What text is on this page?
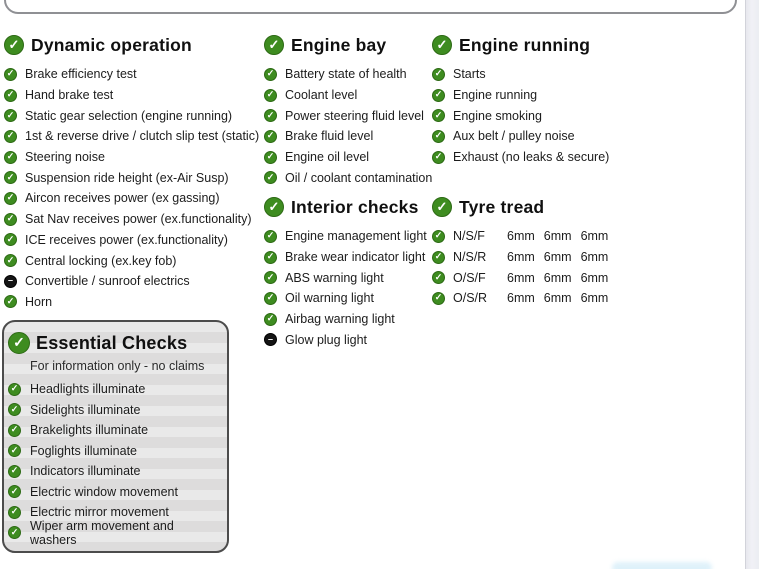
✓
Dynamic operation
✓
Brake efficiency test
✓
Hand brake test
✓
Static gear selection (engine running)
✓
1st & reverse drive / clutch slip test (static)
✓
Steering noise
✓
Suspension ride height (ex-Air Susp)
✓
Aircon receives power (ex gassing)
✓
Sat Nav receives power (ex.functionality)
✓
ICE receives power (ex.functionality)
✓
Central locking (ex.key fob)
–
Convertible / sunroof electrics
✓
Horn
✓
Engine bay
✓
Battery state of health
✓
Coolant level
✓
Power steering fluid level
✓
Brake fluid level
✓
Engine oil level
✓
Oil / coolant contamination
✓
Engine running
✓
Starts
✓
Engine running
✓
Engine smoking
✓
Aux belt / pulley noise
✓
Exhaust (no leaks & secure)
✓
Interior checks
✓
Engine management light
✓
Brake wear indicator light
✓
ABS warning light
✓
Oil warning light
✓
Airbag warning light
–
Glow plug light
✓
Tyre tread
✓
N/S/F	6mm 6mm 6mm
✓
N/S/R	6mm 6mm 6mm
✓
O/S/F	6mm 6mm 6mm
✓
O/S/R	6mm 6mm 6mm
✓
Essential Checks
For information only - no claims
✓
Headlights illuminate
✓
Sidelights illuminate
✓
Brakelights illuminate
✓
Foglights illuminate
✓
Indicators illuminate
✓
Electric window movement
✓
Electric mirror movement
✓
Wiper arm movement and washers
